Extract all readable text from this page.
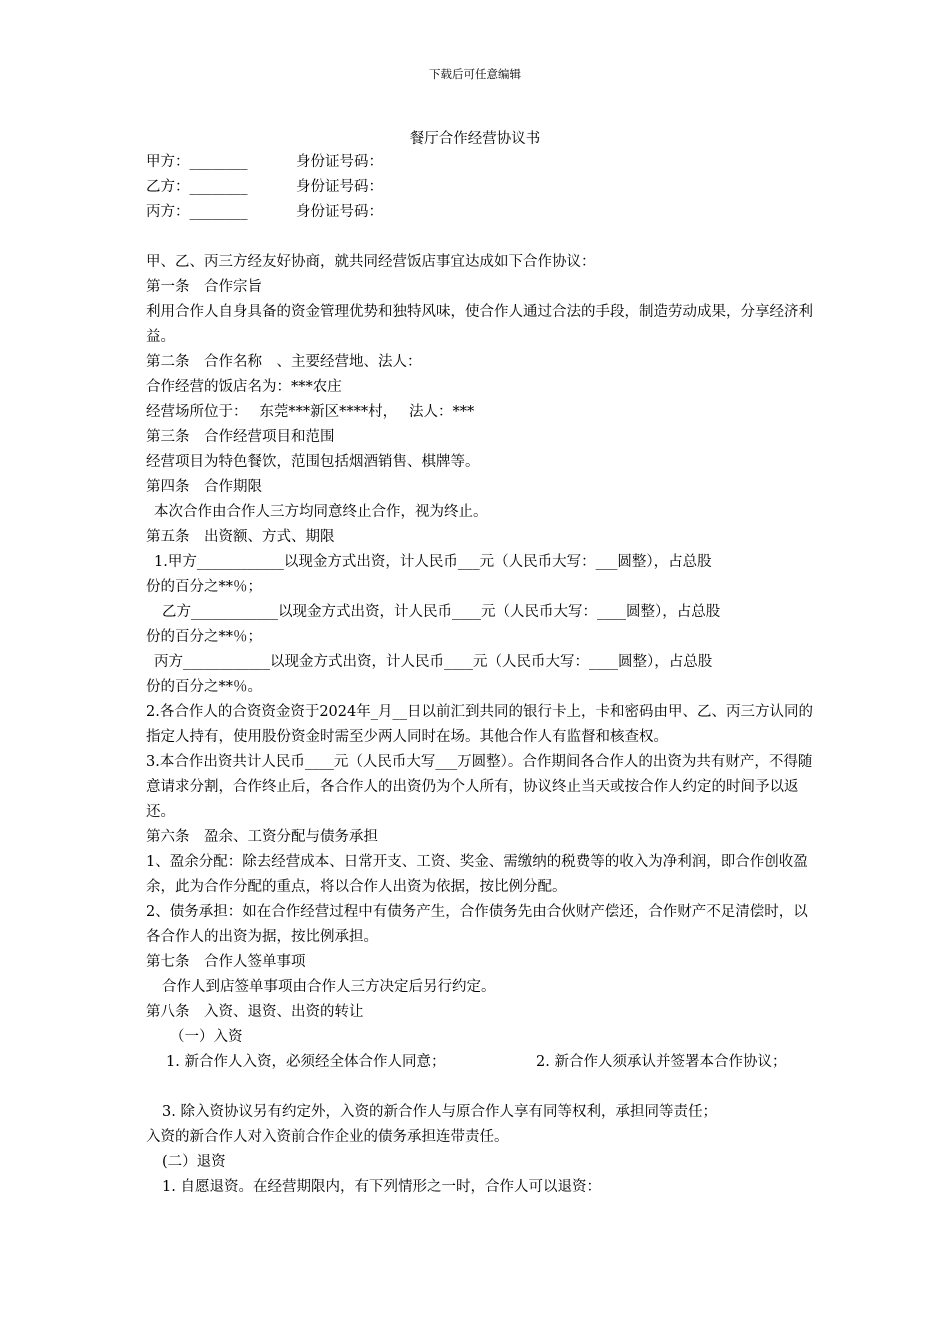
下载后可任意编辑
餐厅合作经营协议书
甲方：________	身份证号码：
乙方：________	身份证号码：
丙方：________	身份证号码：
甲、乙、丙三方经友好协商，就共同经营饭店事宜达成如下合作协议：
第一条　合作宗旨
利用合作人自身具备的资金管理优势和独特风味，使合作人通过合法的手段，制造劳动成果，分享经济利益。
第二条　合作名称　、主要经营地、法人：
合作经营的饭店名为：***农庄
经营场所位于：　 东莞***新区****村，　 法人：***
第三条　合作经营项目和范围
经营项目为特色餐饮，范围包括烟酒销售、棋牌等。
第四条　合作期限
本次合作由合作人三方均同意终止合作，视为终止。
第五条　出资额、方式、期限
1.甲方____________以现金方式出资，计人民币___元（人民币大写：___圆整），占总股
份的百分之**％；
乙方____________以现金方式出资，计人民币____元（人民币大写：____圆整），占总股
份的百分之**％；
丙方____________以现金方式出资，计人民币____元（人民币大写：____圆整），占总股
份的百分之**％。
2.各合作人的合资资金资于2024年_月__日以前汇到共同的银行卡上，卡和密码由甲、乙、丙三方认同的指定人持有，使用股份资金时需至少两人同时在场。其他合作人有监督和核查权。
3.本合作出资共计人民币____元（人民币大写___万圆整）。合作期间各合作人的出资为共有财产，不得随意请求分割，合作终止后，各合作人的出资仍为个人所有，协议终止当天或按合作人约定的时间予以返还。
第六条　盈余、工资分配与债务承担
1、盈余分配：除去经营成本、日常开支、工资、奖金、需缴纳的税费等的收入为净利润，即合作创收盈余，此为合作分配的重点，将以合作人出资为依据，按比例分配。
2、债务承担：如在合作经营过程中有债务产生，合作债务先由合伙财产偿还，合作财产不足清偿时，以各合作人的出资为据，按比例承担。
第七条　合作人签单事项
合作人到店签单事项由合作人三方决定后另行约定。
第八条　入资、退资、出资的转让
（一）入资
1. 新合作人入资，必须经全体合作人同意；	2. 新合作人须承认并签署本合作协议；
3. 除入资协议另有约定外，入资的新合作人与原合作人享有同等权利，承担同等责任；
入资的新合作人对入资前合作企业的债务承担连带责任。
(二）退资
1. 自愿退资。在经营期限内，有下列情形之一时，合作人可以退资：
